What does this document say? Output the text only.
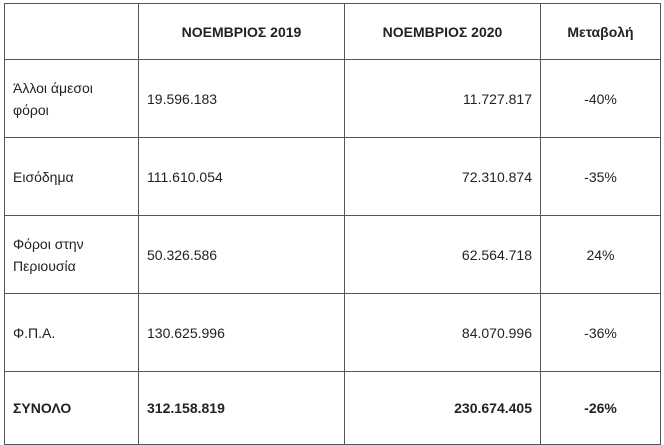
	ΝΟΕΜΒΡΙΟΣ 2019	ΝΟΕΜΒΡΙΟΣ 2020	Μεταβολή
Άλλοι άμεσοι
φόροι	19.596.183	11.727.817	-40%
Εισόδημα	111.610.054	72.310.874	-35%
Φόροι στην
Περιουσία	50.326.586	62.564.718	24%
Φ.Π.Α.	130.625.996	84.070.996	-36%
ΣΥΝΟΛΟ	312.158.819	230.674.405	-26%
